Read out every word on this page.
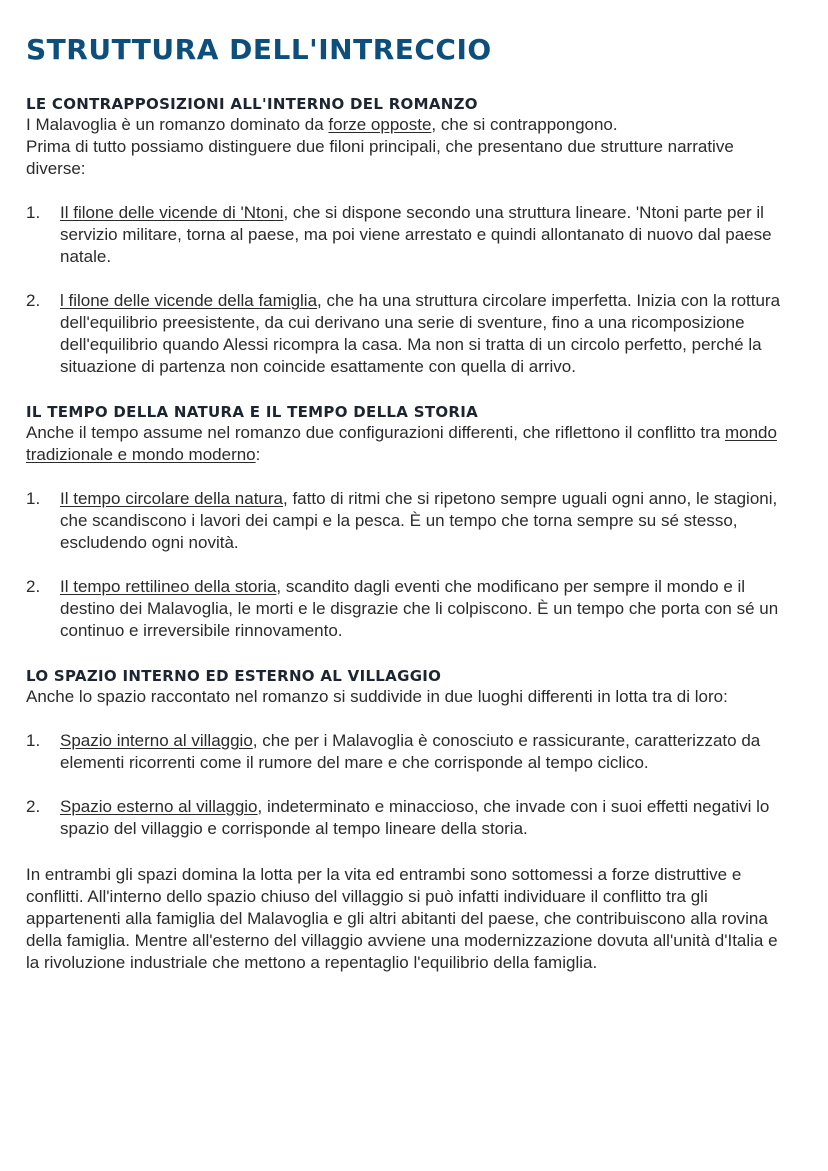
STRUTTURA DELL'INTRECCIO
LE CONTRAPPOSIZIONI ALL'INTERNO DEL ROMANZO

I Malavoglia è un romanzo dominato da forze opposte, che si contrappongono.

Prima di tutto possiamo distinguere due filoni principali, che presentano due strutture narrative diverse:

1. Il filone delle vicende di 'Ntoni, che si dispone secondo una struttura lineare. 'Ntoni parte per il servizio militare, torna al paese, ma poi viene arrestato e quindi allontanato di nuovo dal paese natale.
2. l filone delle vicende della famiglia, che ha una struttura circolare imperfetta. Inizia con la rottura dell'equilibrio preesistente, da cui derivano una serie di sventure, fino a una ricomposizione dell'equilibrio quando Alessi ricompra la casa. Ma non si tratta di un circolo perfetto, perché la situazione di partenza non coincide esattamente con quella di arrivo.
IL TEMPO DELLA NATURA E IL TEMPO DELLA STORIA

Anche il tempo assume nel romanzo due configurazioni differenti, che riflettono il conflitto tra mondo tradizionale e mondo moderno:

1. Il tempo circolare della natura, fatto di ritmi che si ripetono sempre uguali ogni anno, le stagioni, che scandiscono i lavori dei campi e la pesca. È un tempo che torna sempre su sé stesso, escludendo ogni novità.
2. Il tempo rettilineo della storia, scandito dagli eventi che modificano per sempre il mondo e il destino dei Malavoglia, le morti e le disgrazie che li colpiscono. È un tempo che porta con sé un continuo e irreversibile rinnovamento.
LO SPAZIO INTERNO ED ESTERNO AL VILLAGGIO

Anche lo spazio raccontato nel romanzo si suddivide in due luoghi differenti in lotta tra di loro:

1. Spazio interno al villaggio, che per i Malavoglia è conosciuto e rassicurante, caratterizzato da elementi ricorrenti come il rumore del mare e che corrisponde al tempo ciclico.
2. Spazio esterno al villaggio, indeterminato e minaccioso, che invade con i suoi effetti negativi lo spazio del villaggio e corrisponde al tempo lineare della storia.

In entrambi gli spazi domina la lotta per la vita ed entrambi sono sottomessi a forze distruttive e conflitti. All'interno dello spazio chiuso del villaggio si può infatti individuare il conflitto tra gli appartenenti alla famiglia del Malavoglia e gli altri abitanti del paese, che contribuiscono alla rovina della famiglia. Mentre all'esterno del villaggio avviene una modernizzazione dovuta all'unità d'Italia e la rivoluzione industriale che mettono a repentaglio l'equilibrio della famiglia.
